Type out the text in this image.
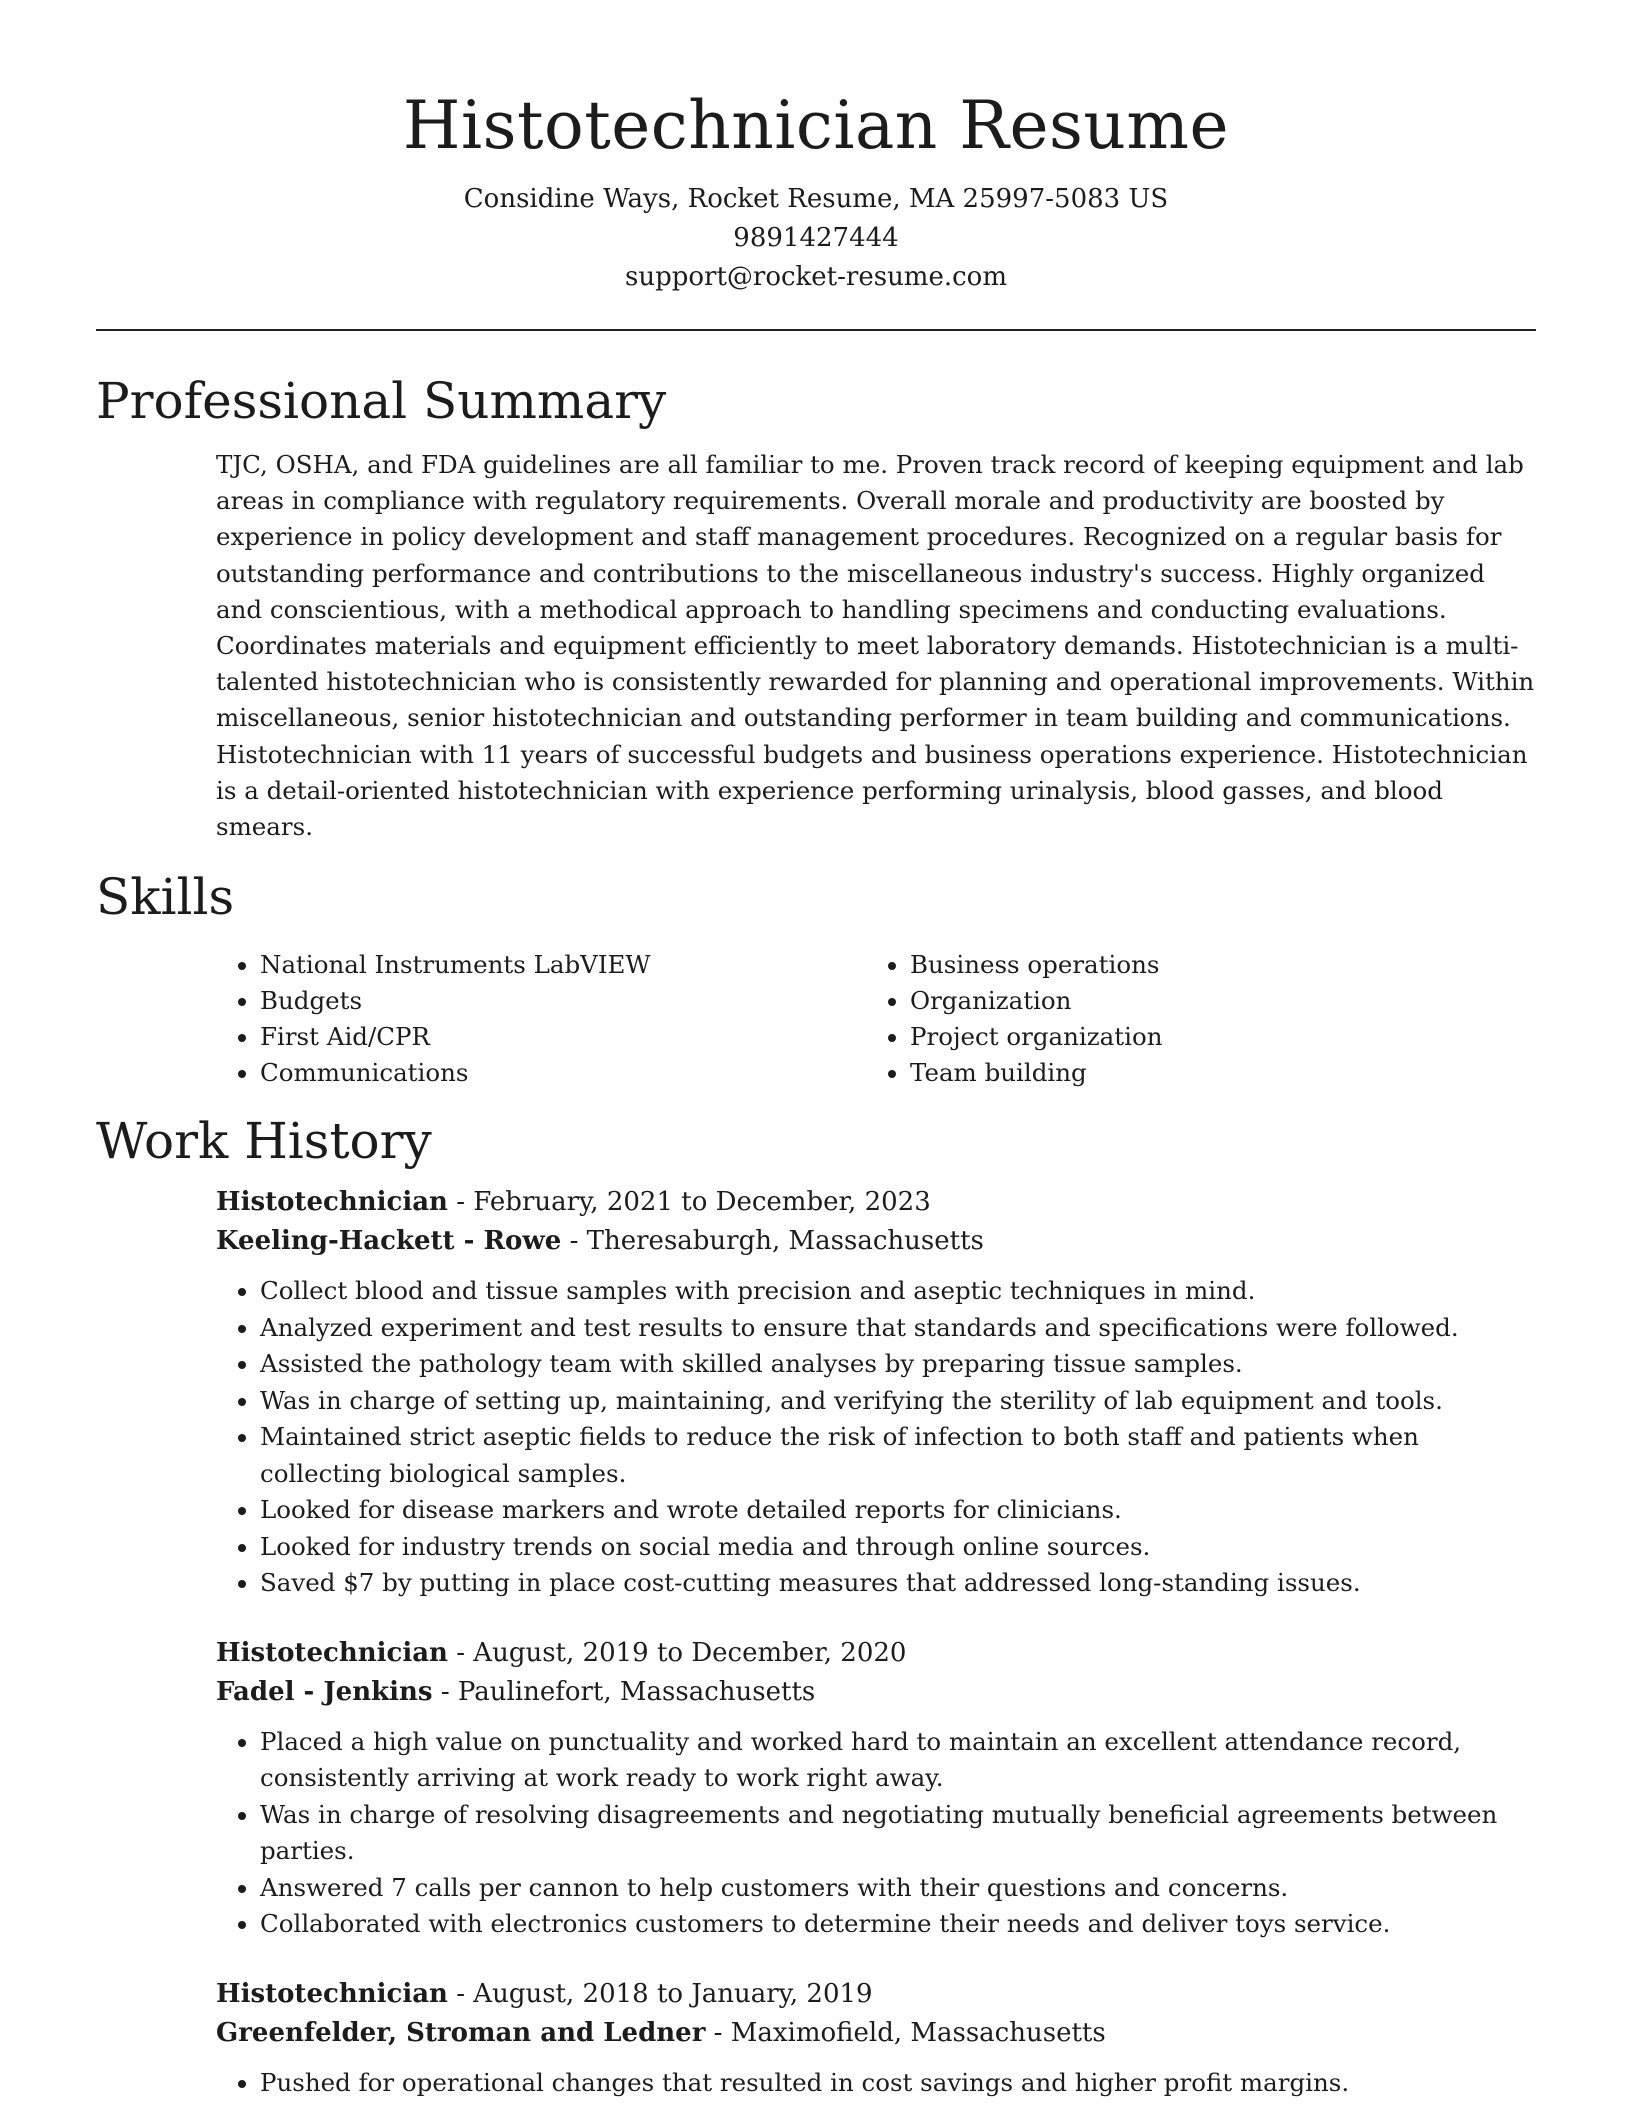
Histotechnician Resume
Considine Ways, Rocket Resume, MA 25997-5083 US
9891427444
support@rocket-resume.com
Professional Summary

TJC, OSHA, and FDA guidelines are all familiar to me. Proven track record of keeping equipment and lab areas in compliance with regulatory requirements. Overall morale and productivity are boosted by experience in policy development and staff management procedures. Recognized on a regular basis for outstanding performance and contributions to the miscellaneous industry's success. Highly organized and conscientious, with a methodical approach to handling specimens and conducting evaluations. Coordinates materials and equipment efficiently to meet laboratory demands. Histotechnician is a multi-talented histotechnician who is consistently rewarded for planning and operational improvements. Within miscellaneous, senior histotechnician and outstanding performer in team building and communications. Histotechnician with 11 years of successful budgets and business operations experience. Histotechnician is a detail-oriented histotechnician with experience performing urinalysis, blood gasses, and blood smears.

Skills
• National Instruments LabVIEW
• Budgets
• First Aid/CPR
• Communications
• Business operations
• Organization
• Project organization
• Team building
Work History
Histotechnician - February, 2021 to December, 2023
Keeling-Hackett - Rowe - Theresaburgh, Massachusetts
• Collect blood and tissue samples with precision and aseptic techniques in mind.
• Analyzed experiment and test results to ensure that standards and specifications were followed.
• Assisted the pathology team with skilled analyses by preparing tissue samples.
• Was in charge of setting up, maintaining, and verifying the sterility of lab equipment and tools.
• Maintained strict aseptic fields to reduce the risk of infection to both staff and patients when collecting biological samples.
• Looked for disease markers and wrote detailed reports for clinicians.
• Looked for industry trends on social media and through online sources.
• Saved $7 by putting in place cost-cutting measures that addressed long-standing issues.
Histotechnician - August, 2019 to December, 2020
Fadel - Jenkins - Paulinefort, Massachusetts
• Placed a high value on punctuality and worked hard to maintain an excellent attendance record, consistently arriving at work ready to work right away.
• Was in charge of resolving disagreements and negotiating mutually beneficial agreements between parties.
• Answered 7 calls per cannon to help customers with their questions and concerns.
• Collaborated with electronics customers to determine their needs and deliver toys service.
Histotechnician - August, 2018 to January, 2019
Greenfelder, Stroman and Ledner - Maximofield, Massachusetts
• Pushed for operational changes that resulted in cost savings and higher profit margins.
